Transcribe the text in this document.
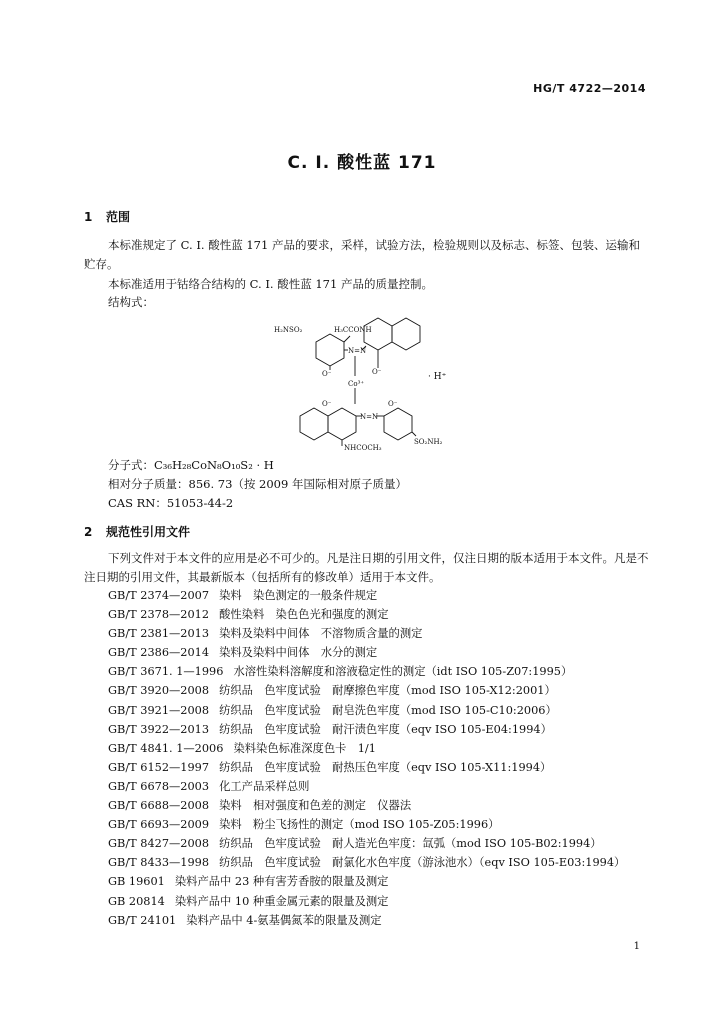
HG/T 4722—2014
C. I. 酸性蓝 171
1 范围
本标准规定了 C. I. 酸性蓝 171 产品的要求，采样，试验方法，检验规则以及标志、标签、包装、运输和贮存。
本标准适用于钴络合结构的 C. I. 酸性蓝 171 产品的质量控制。
结构式：
H₂NSO₂	H₃CCONH
N=N
O⁻	O⁻
Co³⁺
O⁻	O⁻
N=N
NHCOCH₃
SO₂NH₂
· H⁺
分子式：C₃₆H₂₈CoN₈O₁₀S₂ · H
相对分子质量：856. 73（按 2009 年国际相对原子质量）
CAS RN：51053-44-2
2 规范性引用文件
下列文件对于本文件的应用是必不可少的。凡是注日期的引用文件，仅注日期的版本适用于本文件。凡是不注日期的引用文件，其最新版本（包括所有的修改单）适用于本文件。
GB/T 2374—2007 染料　染色测定的一般条件规定
GB/T 2378—2012 酸性染料　染色色光和强度的测定
GB/T 2381—2013 染料及染料中间体　不溶物质含量的测定
GB/T 2386—2014 染料及染料中间体　水分的测定
GB/T 3671. 1—1996 水溶性染料溶解度和溶液稳定性的测定（idt ISO 105-Z07:1995）
GB/T 3920—2008 纺织品　色牢度试验　耐摩擦色牢度（mod ISO 105-X12:2001）
GB/T 3921—2008 纺织品　色牢度试验　耐皂洗色牢度（mod ISO 105-C10:2006）
GB/T 3922—2013 纺织品　色牢度试验　耐汗渍色牢度（eqv ISO 105-E04:1994）
GB/T 4841. 1—2006 染料染色标准深度色卡　1/1
GB/T 6152—1997 纺织品　色牢度试验　耐热压色牢度（eqv ISO 105-X11:1994）
GB/T 6678—2003 化工产品采样总则
GB/T 6688—2008 染料　相对强度和色差的测定　仪器法
GB/T 6693—2009 染料　粉尘飞扬性的测定（mod ISO 105-Z05:1996）
GB/T 8427—2008 纺织品　色牢度试验　耐人造光色牢度：氙弧（mod ISO 105-B02:1994）
GB/T 8433—1998 纺织品　色牢度试验　耐氯化水色牢度（游泳池水）（eqv ISO 105-E03:1994）
GB 19601 染料产品中 23 种有害芳香胺的限量及测定
GB 20814 染料产品中 10 种重金属元素的限量及测定
GB/T 24101 染料产品中 4-氨基偶氮苯的限量及测定
1
